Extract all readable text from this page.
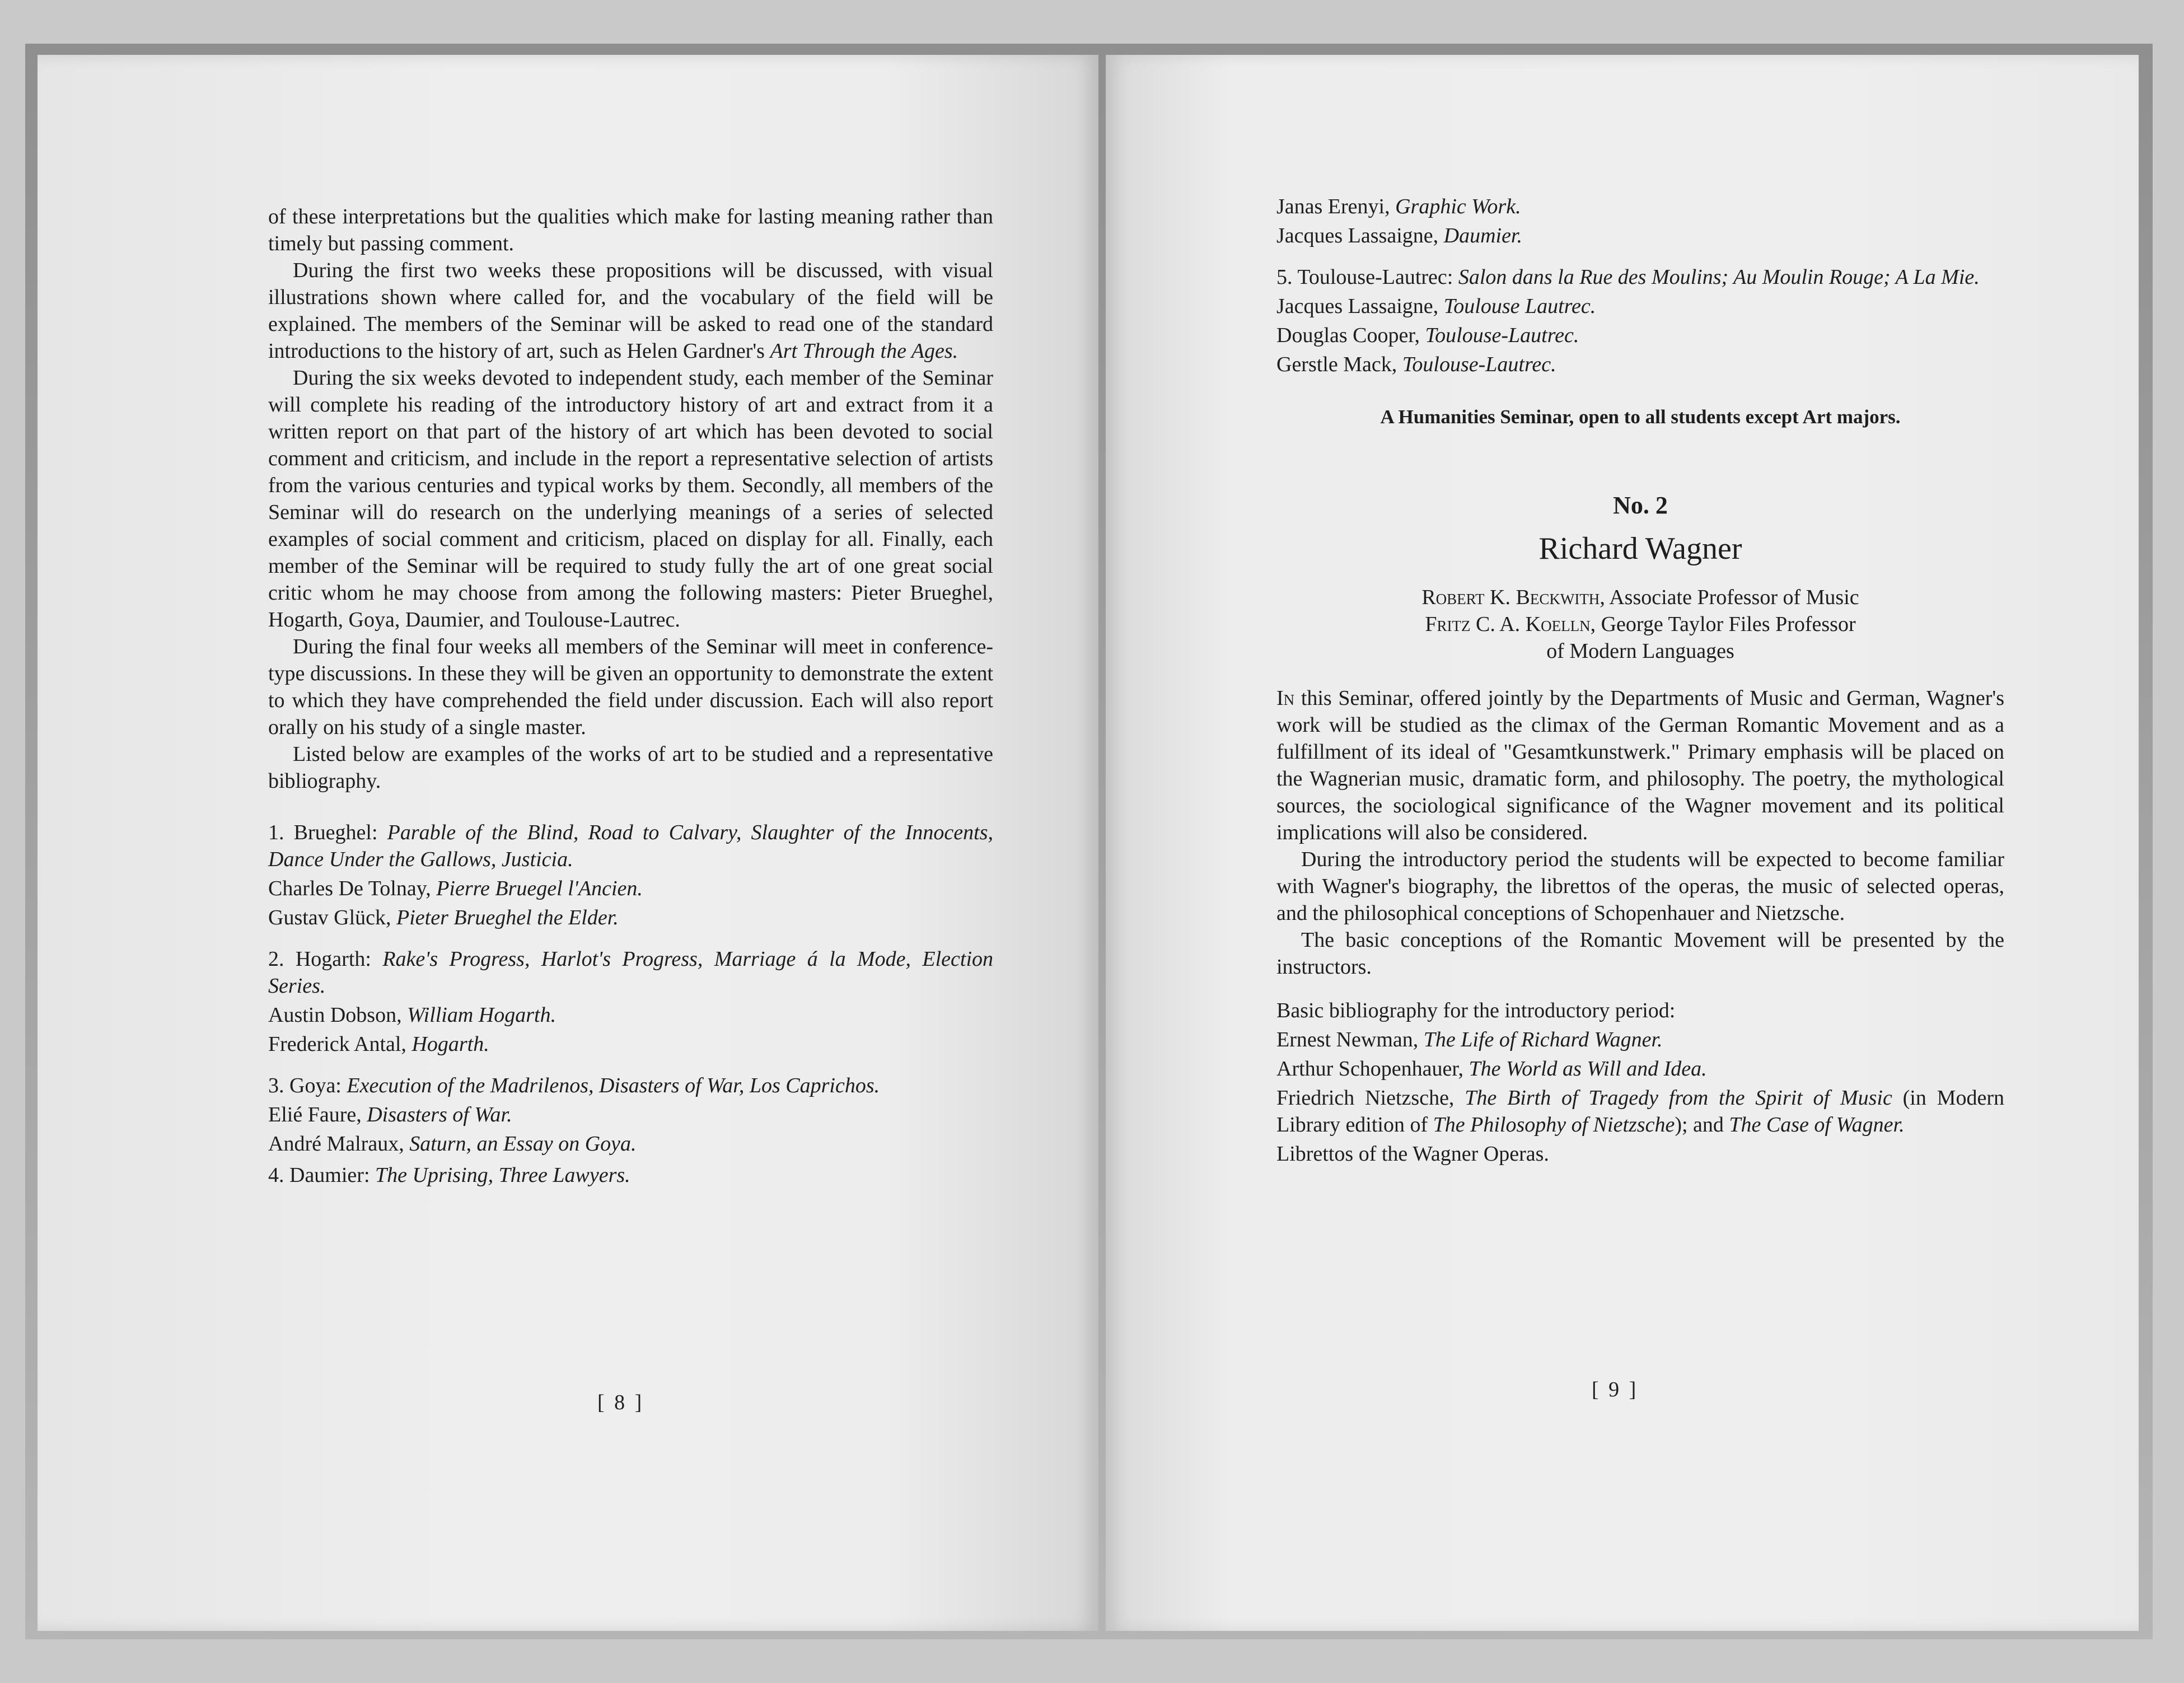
of these interpretations but the qualities which make for lasting meaning rather than timely but passing comment.

During the first two weeks these propositions will be discussed, with visual illustrations shown where called for, and the vocabulary of the field will be explained. The members of the Seminar will be asked to read one of the standard introductions to the history of art, such as Helen Gardner's Art Through the Ages.

During the six weeks devoted to independent study, each member of the Seminar will complete his reading of the introductory history of art and extract from it a written report on that part of the history of art which has been devoted to social comment and criticism, and include in the report a representative selection of artists from the various centuries and typical works by them. Secondly, all members of the Seminar will do research on the underlying meanings of a series of selected examples of social comment and criticism, placed on display for all. Finally, each member of the Seminar will be required to study fully the art of one great social critic whom he may choose from among the following masters: Pieter Brueghel, Hogarth, Goya, Daumier, and Toulouse-Lautrec.

During the final four weeks all members of the Seminar will meet in conference-type discussions. In these they will be given an opportunity to demonstrate the extent to which they have comprehended the field under discussion. Each will also report orally on his study of a single master.

Listed below are examples of the works of art to be studied and a representative bibliography.

1. Brueghel: Parable of the Blind, Road to Calvary, Slaughter of the Innocents, Dance Under the Gallows, Justicia.

Charles De Tolnay, Pierre Bruegel l'Ancien.

Gustav Glück, Pieter Brueghel the Elder.

2. Hogarth: Rake's Progress, Harlot's Progress, Marriage á la Mode, Election Series.

Austin Dobson, William Hogarth.

Frederick Antal, Hogarth.

3. Goya: Execution of the Madrilenos, Disasters of War, Los Caprichos.

Elié Faure, Disasters of War.

André Malraux, Saturn, an Essay on Goya.

4. Daumier: The Uprising, Three Lawyers.

[ 8 ]

Janas Erenyi, Graphic Work.

Jacques Lassaigne, Daumier.

5. Toulouse-Lautrec: Salon dans la Rue des Moulins; Au Moulin Rouge; A La Mie.

Jacques Lassaigne, Toulouse Lautrec.

Douglas Cooper, Toulouse-Lautrec.

Gerstle Mack, Toulouse-Lautrec.

A Humanities Seminar, open to all students except Art majors.

No. 2

Richard Wagner

Robert K. Beckwith, Associate Professor of Music

Fritz C. A. Koelln, George Taylor Files Professor of Modern Languages

In this Seminar, offered jointly by the Departments of Music and German, Wagner's work will be studied as the climax of the German Romantic Movement and as a fulfillment of its ideal of "Gesamtkunstwerk." Primary emphasis will be placed on the Wagnerian music, dramatic form, and philosophy. The poetry, the mythological sources, the sociological significance of the Wagner movement and its political implications will also be considered.

During the introductory period the students will be expected to become familiar with Wagner's biography, the librettos of the operas, the music of selected operas, and the philosophical conceptions of Schopenhauer and Nietzsche.

The basic conceptions of the Romantic Movement will be presented by the instructors.

Basic bibliography for the introductory period:

Ernest Newman, The Life of Richard Wagner.

Arthur Schopenhauer, The World as Will and Idea.

Friedrich Nietzsche, The Birth of Tragedy from the Spirit of Music (in Modern Library edition of The Philosophy of Nietzsche); and The Case of Wagner.

Librettos of the Wagner Operas.

[ 9 ]
